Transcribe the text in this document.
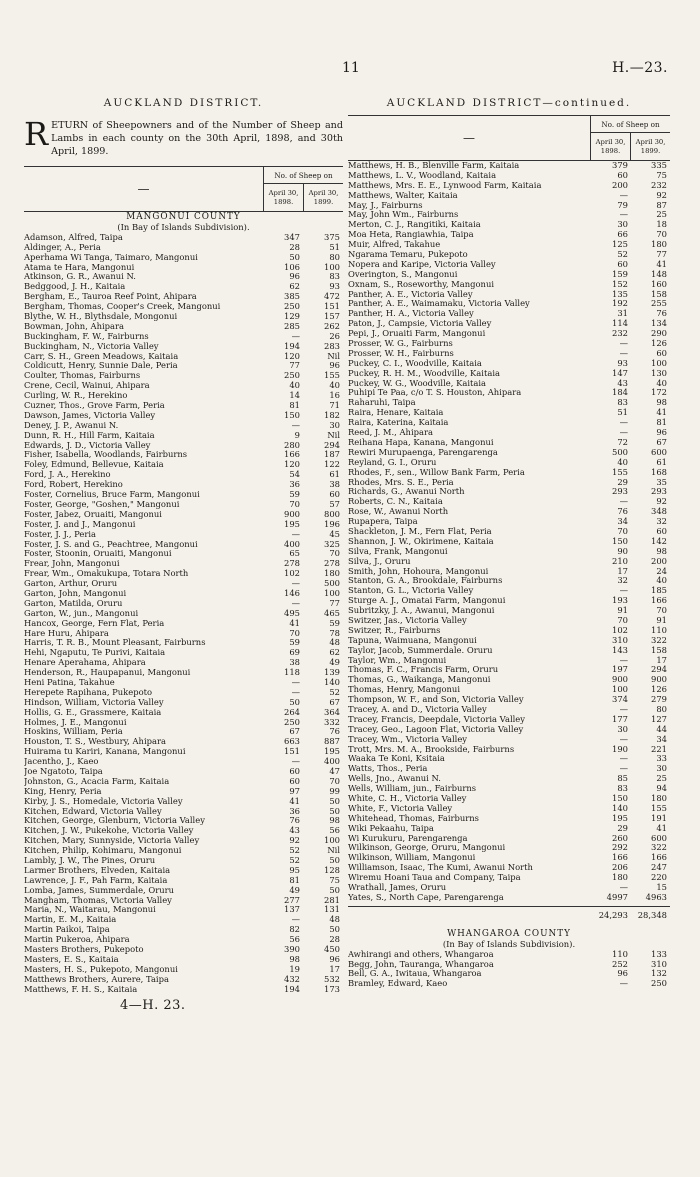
11	H.—23.
AUCKLAND DISTRICT.
R ETURN of Sheepowners and of the Number of Sheep and Lambs in each county on the 30th April, 1898, and 30th April, 1899.
—
No. of Sheep on
April 30, 1898.
April 30, 1899.
MANGONUI COUNTY
(In Bay of Islands Subdivision).
Adamson, Alfred, Taipa	347	375
Aldinger, A., Peria	28	51
Aperhama Wi Tanga, Taimaro, Mangonui	50	80
Atama te Hara, Mangonui	106	100
Atkinson, G. R., Awanui N.	96	83
Bedggood, J. H., Kaitaia	62	93
Bergham, E., Tauroa Reef Point, Ahipara	385	472
Bergham, Thomas, Cooper's Creek, Mangonui	250	151
Blythe, W. H., Blythsdale, Mongonui	129	157
Bowman, John, Ahipara	285	262
Buckingham, F. W., Fairburns	—	26
Buckingham, N., Victoria Valley	194	283
Carr, S. H., Green Meadows, Kaitaia	120	Nil
Coldicutt, Henry, Sunnie Dale, Peria	77	96
Coulter, Thomas, Fairburns	250	155
Crene, Cecil, Wainui, Ahipara	40	40
Curling, W. R., Herekino	14	16
Cuzner, Thos., Grove Farm, Peria	81	71
Dawson, James, Victoria Valley	150	182
Deney, J. P., Awanui N.	—	30
Dunn, R. H., Hill Farm, Kaitaia	9	Nil
Edwards, J. D., Victoria Valley	280	294
Fisher, Isabella, Woodlands, Fairburns	166	187
Foley, Edmund, Bellevue, Kaitaia	120	122
Ford, J. A., Herekino	54	61
Ford, Robert, Herekino	36	38
Foster, Cornelius, Bruce Farm, Mangonui	59	60
Foster, George, "Goshen," Mangonui	70	57
Foster, Jabez, Oruaiti, Mangonui	900	800
Foster, J. and J., Mangonui	195	196
Foster, J. J., Peria	—	45
Foster, J. S. and G., Peachtree, Mangonui	400	325
Foster, Stoonin, Oruaiti, Mangonui	65	70
Frear, John, Mangonui	278	278
Frear, Wm., Omakukupa, Totara North	102	180
Garton, Arthur, Oruru	—	500
Garton, John, Mangonui	146	100
Garton, Matilda, Oruru	—	77
Garton, W., jun., Mangonui	495	465
Hancox, George, Fern Flat, Peria	41	59
Hare Huru, Ahipara	70	78
Harris, T. R. B., Mount Pleasant, Fairburns	59	48
Hehi, Ngaputu, Te Purivi, Kaitaia	69	62
Henare Aperahama, Ahipara	38	49
Henderson, R., Haupapanui, Mangonui	118	139
Heni Patina, Takahue	—	140
Herepete Rapihana, Pukepoto	—	52
Hindson, William, Victoria Valley	50	67
Hollis, G. E., Grassmere, Kaitaia	264	364
Holmes, J. E., Mangonui	250	332
Hoskins, William, Peria	67	76
Houston, T. S., Westbury, Ahipara	663	887
Huirama tu Kariri, Kanana, Mangonui	151	195
Jacentho, J., Kaeo	—	400
Joe Ngatoto, Taipa	60	47
Johnston, G., Acacia Farm, Kaitaia	60	70
King, Henry, Peria	97	99
Kirby, J. S., Homedale, Victoria Valley	41	50
Kitchen, Edward, Victoria Valley	36	50
Kitchen, George, Glenburn, Victoria Valley	76	98
Kitchen, J. W., Pukekohe, Victoria Valley	43	56
Kitchen, Mary, Sunnyside, Victoria Valley	92	100
Kitchen, Philip, Kohimaru, Mangonui	52	Nil
Lambly, J. W., The Pines, Oruru	52	50
Larmer Brothers, Elveden, Kaitaia	95	128
Lawrence, J. F., Pah Farm, Kaitaia	81	75
Lomba, James, Summerdale, Oruru	49	50
Mangham, Thomas, Victoria Valley	277	281
Maria, N., Waitarau, Mangonui	137	131
Martin, E. M., Kaitaia	—	48
Martin Paikoi, Taipa	82	50
Martin Pukeroa, Ahipara	56	28
Masters Brothers, Pukepoto	390	450
Masters, E. S., Kaitaia	98	96
Masters, H. S., Pukepoto, Mangonui	19	17
Matthews Brothers, Aurere, Taipa	432	532
Matthews, F. H. S., Kaitaia	194	173
4—H. 23.
AUCKLAND DISTRICT—continued.
—
No. of Sheep on
April 30, 1898.
April 30, 1899.
Matthews, H. B., Blenville Farm, Kaitaia	379	335
Matthews, L. V., Woodland, Kaitaia	60	75
Matthews, Mrs. E. E., Lynwood Farm, Kaitaia	200	232
Matthews, Walter, Kaitaia	—	92
May, J., Fairburns	79	87
May, John Wm., Fairburns	—	25
Merton, C. J., Rangitiki, Kaitaia	30	18
Moa Heta, Rangiawhia, Taipa	66	70
Muir, Alfred, Takahue	125	180
Ngarama Temaru, Pukepoto	52	77
Nopera and Karipe, Victoria Valley	60	41
Overington, S., Mangonui	159	148
Oxnam, S., Roseworthy, Mangonui	152	160
Panther, A. E., Victoria Valley	135	158
Panther, A. E., Waimamaku, Victoria Valley	192	255
Panther, H. A., Victoria Valley	31	76
Paton, J., Campsie, Victoria Valley	114	134
Pepi, J., Oruaiti Farm, Mangonui	232	290
Prosser, W. G., Fairburns	—	126
Prosser, W. H., Fairburns	—	60
Puckey, C. I., Woodville, Kaitaia	93	100
Puckey, R. H. M., Woodville, Kaitaia	147	130
Puckey, W. G., Woodville, Kaitaia	43	40
Puhipi Te Paa, c/o T. S. Houston, Ahipara	184	172
Raharuhi, Taipa	83	98
Raira, Henare, Kaitaia	51	41
Raira, Katerina, Kaitaia	—	81
Reed, J. M., Ahipara	—	96
Reihana Hapa, Kanana, Mangonui	72	67
Rewiri Murupaenga, Parengarenga	500	600
Reyland, G. I., Oruru	40	61
Rhodes, F., sen., Willow Bank Farm, Peria	155	168
Rhodes, Mrs. S. E., Peria	29	35
Richards, G., Awanui North	293	293
Roberts, C. N., Kaitaia	—	92
Rose, W., Awanui North	76	348
Rupapera, Taipa	34	32
Shackleton, J. M., Fern Flat, Peria	70	60
Shannon, J. W., Okirimene, Kaitaia	150	142
Silva, Frank, Mangonui	90	98
Silva, J., Oruru	210	200
Smith, John, Hohoura, Mangonui	17	24
Stanton, G. A., Brookdale, Fairburns	32	40
Stanton, G. L., Victoria Valley	—	185
Sturge A. J., Omatai Farm, Mangonui	193	166
Subritzky, J. A., Awanui, Mangonui	91	70
Switzer, Jas., Victoria Valley	70	91
Switzer, R., Fairburns	102	110
Tapuna, Waimuana, Mangonui	310	322
Taylor, Jacob, Summerdale. Oruru	143	158
Taylor, Wm., Mangonui	—	17
Thomas, F. C., Francis Farm, Oruru	197	294
Thomas, G., Waikanga, Mangonui	900	900
Thomas, Henry, Mangonui	100	126
Thompson, W. F., and Son, Victoria Valley	374	279
Tracey, A. and D., Victoria Valley	—	80
Tracey, Francis, Deepdale, Victoria Valley	177	127
Tracey, Geo., Lagoon Flat, Victoria Valley	30	44
Tracey, Wm., Victoria Valley	—	34
Trott, Mrs. M. A., Brookside, Fairburns	190	221
Waaka Te Koni, Ksitaia	—	33
Watts, Thos., Peria	—	30
Wells, Jno., Awanui N.	85	25
Wells, William, jun., Fairburns	83	94
White, C. H., Victoria Valley	150	180
White, F., Victoria Valley	140	155
Whitehead, Thomas, Fairburns	195	191
Wiki Pekaahu, Taipa	29	41
Wi Kurukuru, Parengarenga	260	600
Wilkinson, George, Oruru, Mangonui	292	322
Wilkinson, William, Mangonui	166	166
Williamson, Isaac, The Kumi, Awanui North	206	247
Wiremu Hoani Taua and Company, Taipa	180	220
Wrathall, James, Oruru	—	15
Yates, S., North Cape, Parengarenga	4997	4963
24,293	28,348
WHANGAROA COUNTY
(In Bay of Islands Subdivision).
Awhirangi and others, Whangaroa	110	133
Begg, John, Tauranga, Whangaroa	252	310
Bell, G. A., Iwitaua, Whangaroa	96	132
Bramley, Edward, Kaeo	—	250
